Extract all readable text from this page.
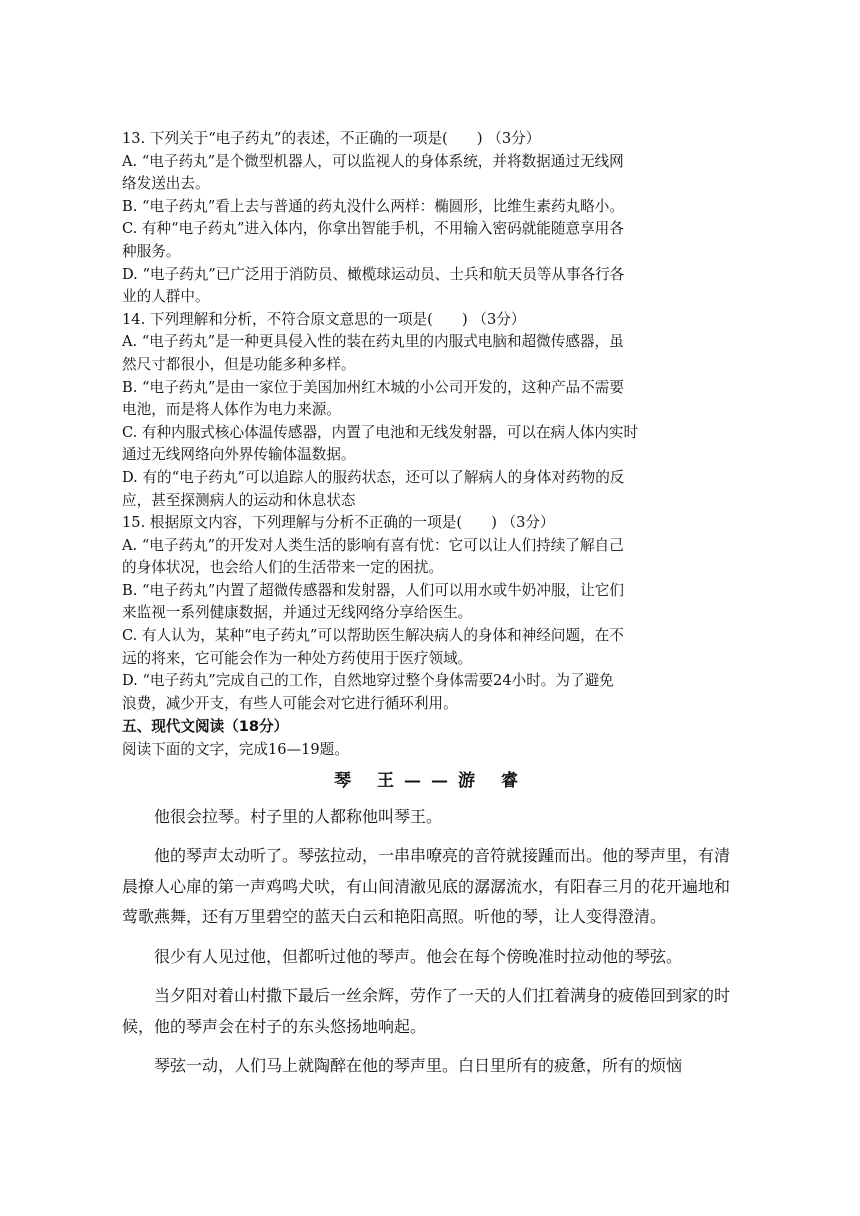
13. 下列关于“电子药丸”的表述，不正确的一项是(　　) （3分）
A. “电子药丸”是个微型机器人，可以监视人的身体系统，并将数据通过无线网
络发送出去。
B. “电子药丸”看上去与普通的药丸没什么两样：椭圆形，比维生素药丸略小。
C. 有种“电子药丸”进入体内，你拿出智能手机，不用输入密码就能随意享用各
种服务。
D. “电子药丸”已广泛用于消防员、橄榄球运动员、士兵和航天员等从事各行各
业的人群中。
14. 下列理解和分析，不符合原文意思的一项是(　　) （3分）
A. “电子药丸”是一种更具侵入性的装在药丸里的内服式电脑和超微传感器，虽
然尺寸都很小，但是功能多种多样。
B. “电子药丸”是由一家位于美国加州红木城的小公司开发的，这种产品不需要
电池，而是将人体作为电力来源。
C. 有种内服式核心体温传感器，内置了电池和无线发射器，可以在病人体内实时
通过无线网络向外界传输体温数据。
D. 有的“电子药丸”可以追踪人的服药状态，还可以了解病人的身体对药物的反
应，甚至探测病人的运动和休息状态
15. 根据原文内容，下列理解与分析不正确的一项是(　　) （3分）
A. “电子药丸”的开发对人类生活的影响有喜有忧：它可以让人们持续了解自己
的身体状况，也会给人们的生活带来一定的困扰。
B. “电子药丸”内置了超微传感器和发射器，人们可以用水或牛奶冲服，让它们
来监视一系列健康数据，并通过无线网络分享给医生。
C. 有人认为，某种“电子药丸”可以帮助医生解决病人的身体和神经问题，在不
远的将来，它可能会作为一种处方药使用于医疗领域。
D. “电子药丸”完成自己的工作，自然地穿过整个身体需要24小时。为了避免
浪费，减少开支，有些人可能会对它进行循环利用。
五、现代文阅读（18分）
阅读下面的文字，完成16—19题。
琴 王——游 睿

他很会拉琴。村子里的人都称他叫琴王。

他的琴声太动听了。琴弦拉动，一串串嘹亮的音符就接踵而出。他的琴声里，有清晨撩人心扉的第一声鸡鸣犬吠，有山间清澈见底的潺潺流水，有阳春三月的花开遍地和莺歌燕舞，还有万里碧空的蓝天白云和艳阳高照。听他的琴，让人变得澄清。

很少有人见过他，但都听过他的琴声。他会在每个傍晚准时拉动他的琴弦。

当夕阳对着山村撒下最后一丝余辉，劳作了一天的人们扛着满身的疲倦回到家的时候，他的琴声会在村子的东头悠扬地响起。

琴弦一动，人们马上就陶醉在他的琴声里。白日里所有的疲惫，所有的烦恼
